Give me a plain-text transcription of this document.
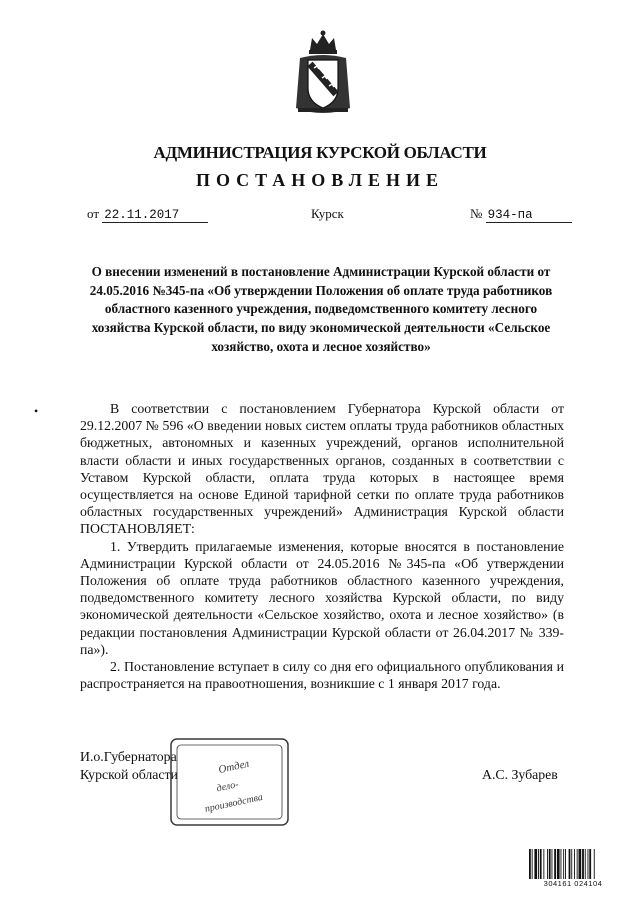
АДМИНИСТРАЦИЯ КУРСКОЙ ОБЛАСТИ
ПОСТАНОВЛЕНИЕ
от 22.11.2017	Курск	№ 934-па
О внесении изменений в постановление Администрации Курской области от 24.05.2016 №345-па «Об утверждении Положения об оплате труда работников областного казенного учреждения, подведомственного комитету лесного хозяйства Курской области, по виду экономической деятельности «Сельское хозяйство, охота и лесное хозяйство»
•	В соответствии с постановлением Губернатора Курской области от 29.12.2007 № 596 «О введении новых систем оплаты труда работников областных бюджетных, автономных и казенных учреждений, органов исполнительной власти области и иных государственных органов, созданных в соответствии с Уставом Курской области, оплата труда которых в настоящее время осуществляется на основе Единой тарифной сетки по оплате труда работников областных государственных учреждений» Администрация Курской области ПОСТАНОВЛЯЕТ:

1. Утвердить прилагаемые изменения, которые вносятся в постановление Администрации Курской области от 24.05.2016 №345-па «Об утверждении Положения об оплате труда работников областного казенного учреждения, подведомственного комитету лесного хозяйства Курской области, по виду экономической деятельности «Сельское хозяйство, охота и лесное хозяйство» (в редакции постановления Администрации Курской области от 26.04.2017 № 339-па»).

2. Постановление вступает в силу со дня его официального опубликования и распространяется на правоотношения, возникшие с 1 января 2017 года.

И.о.Губернатора
Курской области	А.С. Зубарев
Отдел
дело-
производства
304161 024104
